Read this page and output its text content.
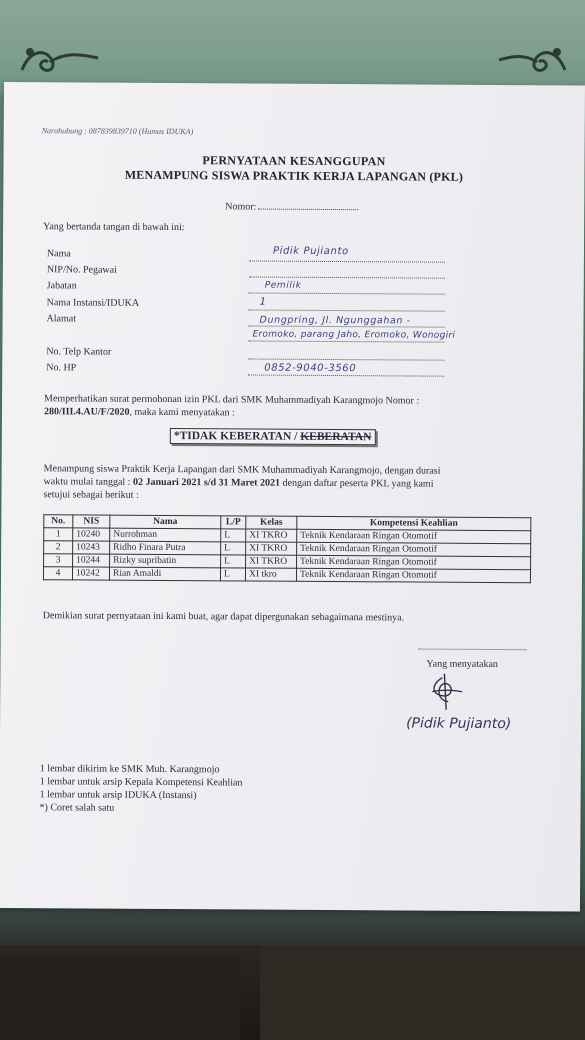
Narahubung : 087839839710 (Humas IDUKA)
PERNYATAAN KESANGGUPAN
MENAMPUNG SISWA PRAKTIK KERJA LAPANGAN (PKL)
Nomor:
Yang bertanda tangan di bawah ini:
Nama	Pidik Pujianto
NIP/No. Pegawai
Jabatan	Pemilik
Nama Instansi/IDUKA	1
Alamat	Dungpring, Jl. Ngunggahan -
Eromoko, parang Jaho, Eromoko, Wonogiri
No. Telp Kantor
No. HP	0852-9040-3560
Memperhatikan surat permohonan izin PKL dari SMK Muhammadiyah Karangmojo Nomor :
280/III.4.AU/F/2020, maka kami menyatakan :
*TIDAK KEBERATAN / KEBERATAN
Menampung siswa Praktik Kerja Lapangan dari SMK Muhammadiyah Karangmojo, dengan durasi
waktu mulai tanggal : 02 Januari 2021 s/d 31 Maret 2021 dengan daftar peserta PKL yang kami
setujui sebagai berikut :
No.	NIS	Nama	L/P	Kelas	Kompetensi Keahlian
1	10240	Nurrohman	L	XI TKRO	Teknik Kendaraan Ringan Otomotif
2	10243	Ridho Finara Putra	L	XI TKRO	Teknik Kendaraan Ringan Otomotif
3	10244	Rizky supribatin	L	XI TKRO	Teknik Kendaraan Ringan Otomotif
4	10242	Rian Amaldi	L	XI tkro	Teknik Kendaraan Ringan Otomotif
Demikian surat pernyataan ini kami buat, agar dapat dipergunakan sebagaimana mestinya.
Yang menyatakan
(Pidik Pujianto)
1 lembar dikirim ke SMK Muh. Karangmojo
1 lembar untuk arsip Kepala Kompetensi Keahlian
1 lembar untuk arsip IDUKA (Instansi)
*) Coret salah satu
